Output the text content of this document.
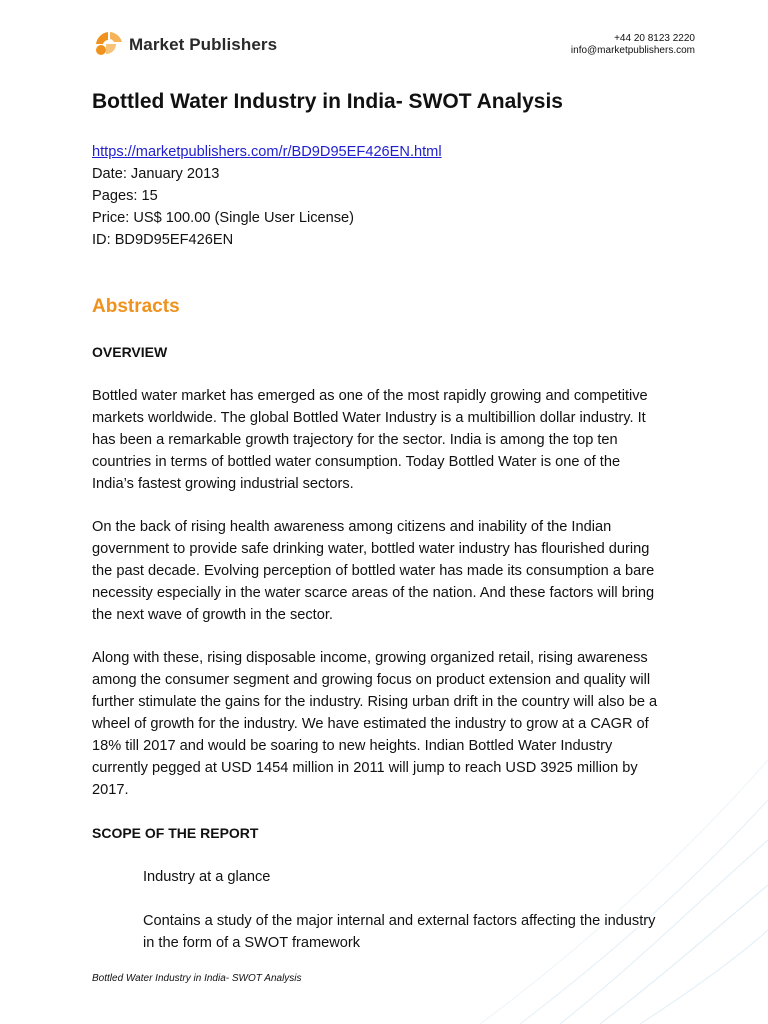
Market Publishers	+44 20 8123 2220
info@marketpublishers.com
Bottled Water Industry in India- SWOT Analysis
https://marketpublishers.com/r/BD9D95EF426EN.html
Date: January 2013
Pages: 15
Price: US$ 100.00 (Single User License)
ID: BD9D95EF426EN
Abstracts
OVERVIEW

Bottled water market has emerged as one of the most rapidly growing and competitive
markets worldwide. The global Bottled Water Industry is a multibillion dollar industry. It
has been a remarkable growth trajectory for the sector. India is among the top ten
countries in terms of bottled water consumption. Today Bottled Water is one of the
India’s fastest growing industrial sectors.

On the back of rising health awareness among citizens and inability of the Indian
government to provide safe drinking water, bottled water industry has flourished during
the past decade. Evolving perception of bottled water has made its consumption a bare
necessity especially in the water scarce areas of the nation. And these factors will bring
the next wave of growth in the sector.

Along with these, rising disposable income, growing organized retail, rising awareness
among the consumer segment and growing focus on product extension and quality will
further stimulate the gains for the industry. Rising urban drift in the country will also be a
wheel of growth for the industry. We have estimated the industry to grow at a CAGR of
18% till 2017 and would be soaring to new heights. Indian Bottled Water Industry
currently pegged at USD 1454 million in 2011 will jump to reach USD 3925 million by
2017.

SCOPE OF THE REPORT

Industry at a glance

Contains a study of the major internal and external factors affecting the industry
in the form of a SWOT framework

Bottled Water Industry in India- SWOT Analysis
